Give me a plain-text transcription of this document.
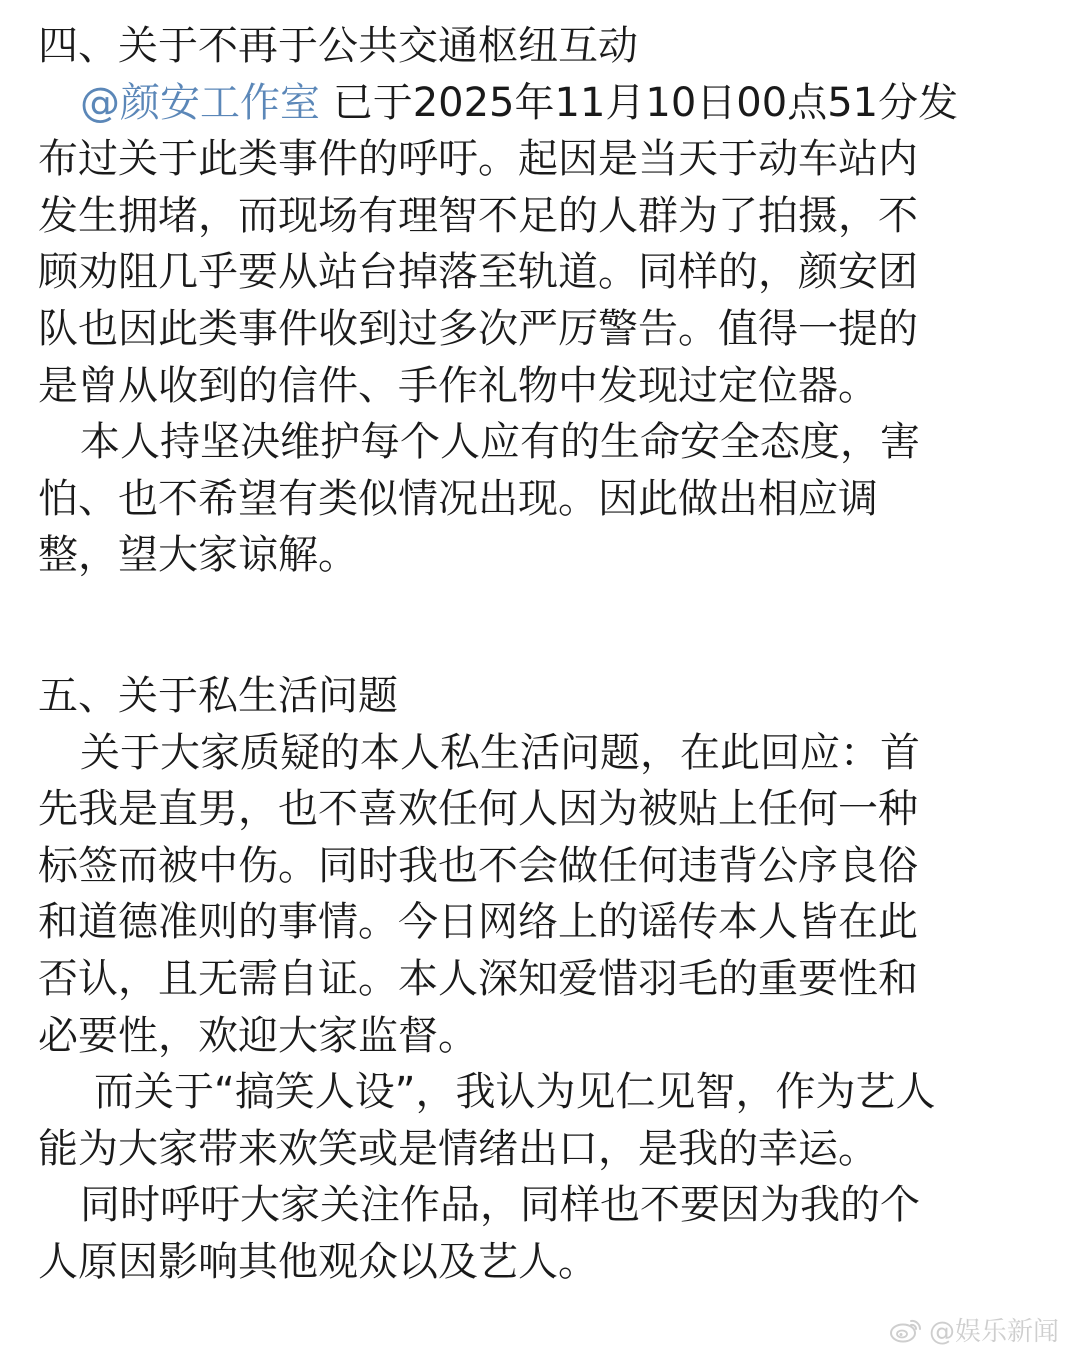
四、关于不再于公共交通枢纽互动
@颜安工作室 已于2025年11月10日00点51分发
布过关于此类事件的呼吁。起因是当天于动车站内
发生拥堵，而现场有理智不足的人群为了拍摄，不
顾劝阻几乎要从站台掉落至轨道。同样的，颜安团
队也因此类事件收到过多次严厉警告。值得一提的
是曾从收到的信件、手作礼物中发现过定位器。
本人持坚决维护每个人应有的生命安全态度，害
怕、也不希望有类似情况出现。因此做出相应调
整，望大家谅解。
五、关于私生活问题
关于大家质疑的本人私生活问题，在此回应：首
先我是直男，也不喜欢任何人因为被贴上任何一种
标签而被中伤。同时我也不会做任何违背公序良俗
和道德准则的事情。今日网络上的谣传本人皆在此
否认，且无需自证。本人深知爱惜羽毛的重要性和
必要性，欢迎大家监督。
而关于“搞笑人设”，我认为见仁见智，作为艺人
能为大家带来欢笑或是情绪出口，是我的幸运。
同时呼吁大家关注作品，同样也不要因为我的个
人原因影响其他观众以及艺人。
@娱乐新闻
